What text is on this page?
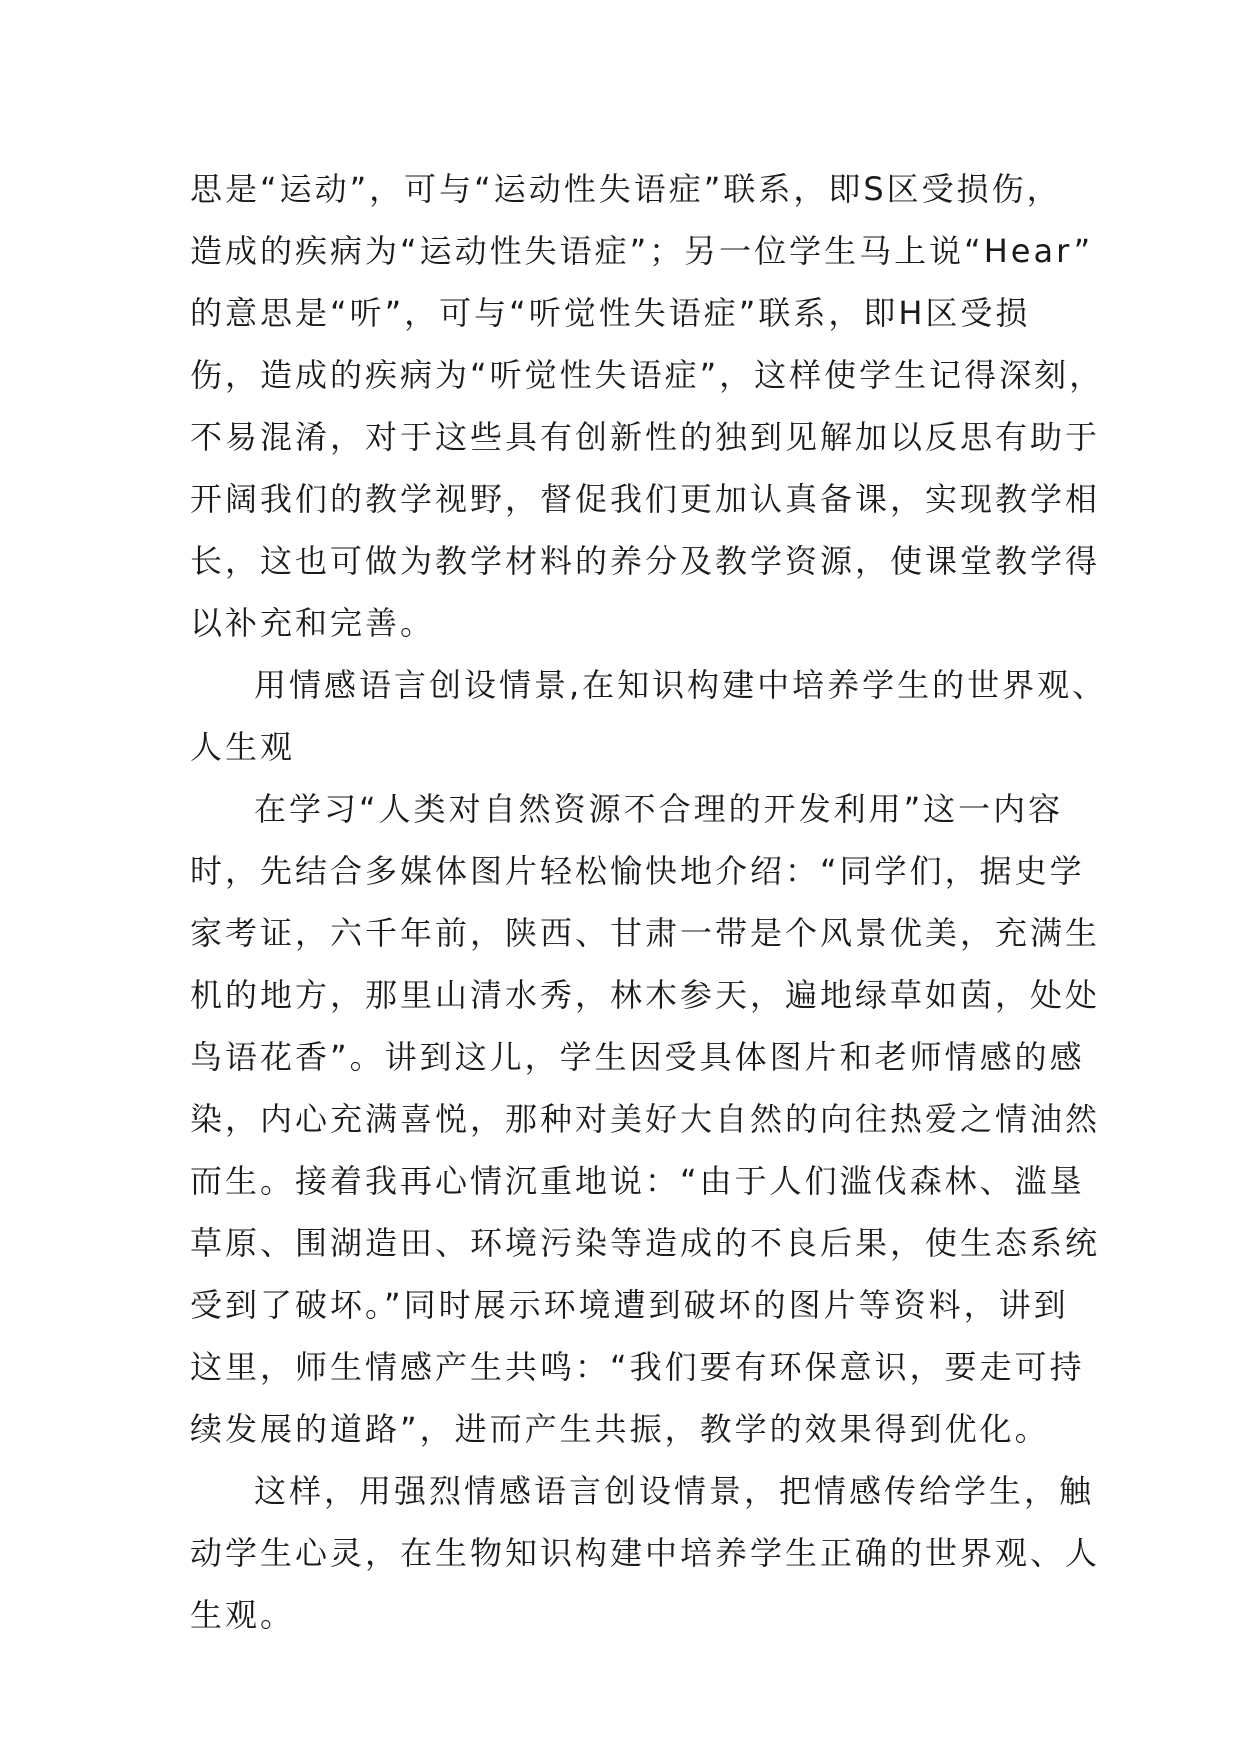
思是“运动”，可与“运动性失语症”联系，即S区受损伤，
造成的疾病为“运动性失语症”；另一位学生马上说“Hear”
的意思是“听”，可与“听觉性失语症”联系，即H区受损
伤，造成的疾病为“听觉性失语症”，这样使学生记得深刻，
不易混淆，对于这些具有创新性的独到见解加以反思有助于
开阔我们的教学视野，督促我们更加认真备课，实现教学相
长，这也可做为教学材料的养分及教学资源，使课堂教学得
以补充和完善。
用情感语言创设情景,在知识构建中培养学生的世界观、
人生观
在学习“人类对自然资源不合理的开发利用”这一内容
时，先结合多媒体图片轻松愉快地介绍：“同学们，据史学
家考证，六千年前，陕西、甘肃一带是个风景优美，充满生
机的地方，那里山清水秀，林木参天，遍地绿草如茵，处处
鸟语花香”。讲到这儿，学生因受具体图片和老师情感的感
染，内心充满喜悦，那种对美好大自然的向往热爱之情油然
而生。接着我再心情沉重地说：“由于人们滥伐森林、滥垦
草原、围湖造田、环境污染等造成的不良后果，使生态系统
受到了破坏。”同时展示环境遭到破坏的图片等资料，讲到
这里，师生情感产生共鸣：“我们要有环保意识，要走可持
续发展的道路”，进而产生共振，教学的效果得到优化。
这样，用强烈情感语言创设情景，把情感传给学生，触
动学生心灵，在生物知识构建中培养学生正确的世界观、人
生观。
